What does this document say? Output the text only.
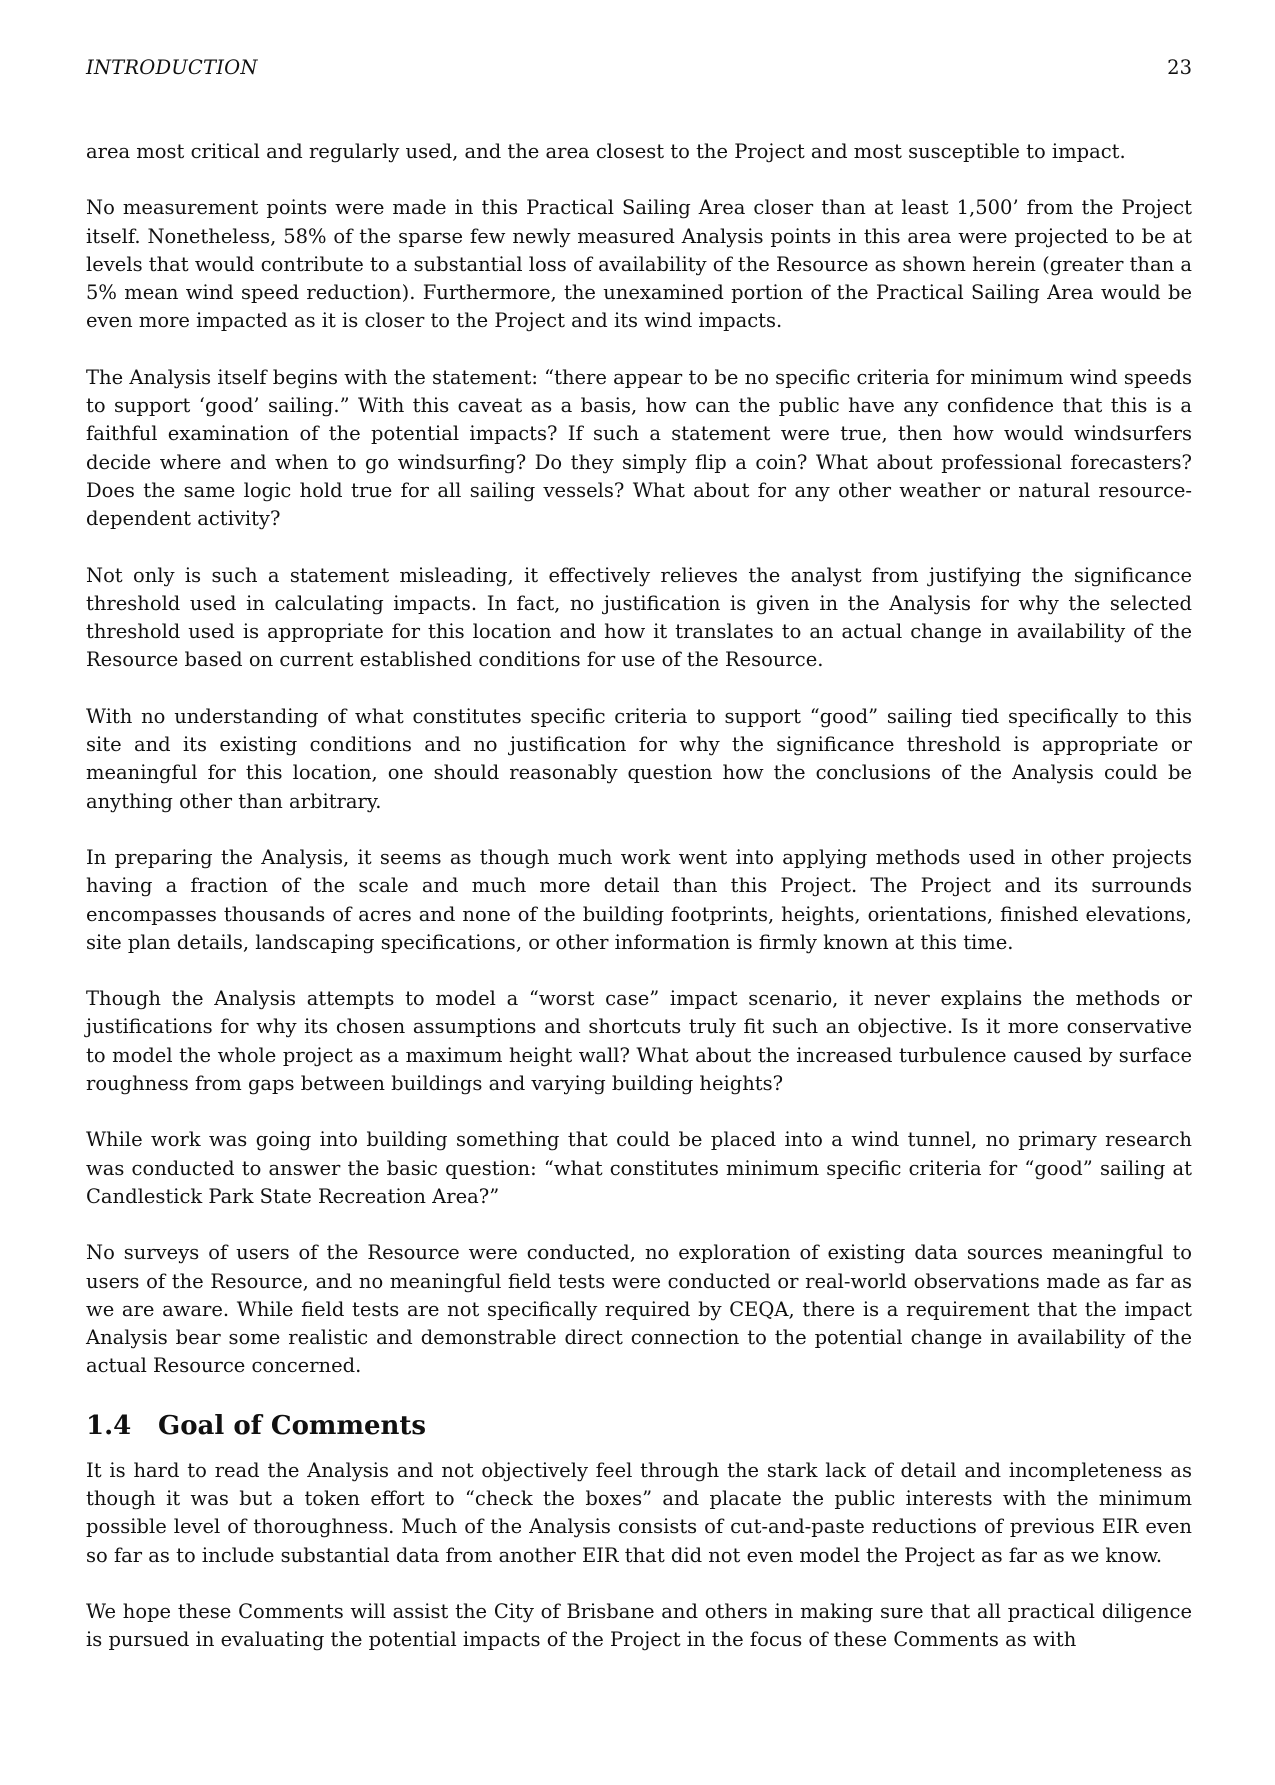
INTRODUCTION	23

area most critical and regularly used, and the area closest to the Project and most susceptible to impact.

No measurement points were made in this Practical Sailing Area closer than at least 1,500’ from the Project itself. Nonetheless, 58% of the sparse few newly measured Analysis points in this area were projected to be at levels that would contribute to a substantial loss of availability of the Resource as shown herein (greater than a 5% mean wind speed reduction). Furthermore, the unexamined portion of the Practical Sailing Area would be even more impacted as it is closer to the Project and its wind impacts.

The Analysis itself begins with the statement: “there appear to be no specific criteria for minimum wind speeds to support ‘good’ sailing.” With this caveat as a basis, how can the public have any confidence that this is a faithful examination of the potential impacts? If such a statement were true, then how would windsurfers decide where and when to go windsurfing? Do they simply flip a coin? What about professional forecasters? Does the same logic hold true for all sailing vessels? What about for any other weather or natural resource-dependent activity?

Not only is such a statement misleading, it effectively relieves the analyst from justifying the significance threshold used in calculating impacts. In fact, no justification is given in the Analysis for why the selected threshold used is appropriate for this location and how it translates to an actual change in availability of the Resource based on current established conditions for use of the Resource.

With no understanding of what constitutes specific criteria to support “good” sailing tied specifically to this site and its existing conditions and no justification for why the significance threshold is appropriate or meaningful for this location, one should reasonably question how the conclusions of the Analysis could be anything other than arbitrary.

In preparing the Analysis, it seems as though much work went into applying methods used in other projects having a fraction of the scale and much more detail than this Project. The Project and its surrounds encompasses thousands of acres and none of the building footprints, heights, orientations, finished elevations, site plan details, landscaping specifications, or other information is firmly known at this time.

Though the Analysis attempts to model a “worst case” impact scenario, it never explains the methods or justifications for why its chosen assumptions and shortcuts truly fit such an objective. Is it more conservative to model the whole project as a maximum height wall? What about the increased turbulence caused by surface roughness from gaps between buildings and varying building heights?

While work was going into building something that could be placed into a wind tunnel, no primary research was conducted to answer the basic question: “what constitutes minimum specific criteria for “good” sailing at Candlestick Park State Recreation Area?”

No surveys of users of the Resource were conducted, no exploration of existing data sources meaningful to users of the Resource, and no meaningful field tests were conducted or real-world observations made as far as we are aware. While field tests are not specifically required by CEQA, there is a requirement that the impact Analysis bear some realistic and demonstrable direct connection to the potential change in availability of the actual Resource concerned.

1.4 Goal of Comments

It is hard to read the Analysis and not objectively feel through the stark lack of detail and incompleteness as though it was but a token effort to “check the boxes” and placate the public interests with the minimum possible level of thoroughness. Much of the Analysis consists of cut-and-paste reductions of previous EIR even so far as to include substantial data from another EIR that did not even model the Project as far as we know.

We hope these Comments will assist the City of Brisbane and others in making sure that all practical diligence is pursued in evaluating the potential impacts of the Project in the focus of these Comments as with
